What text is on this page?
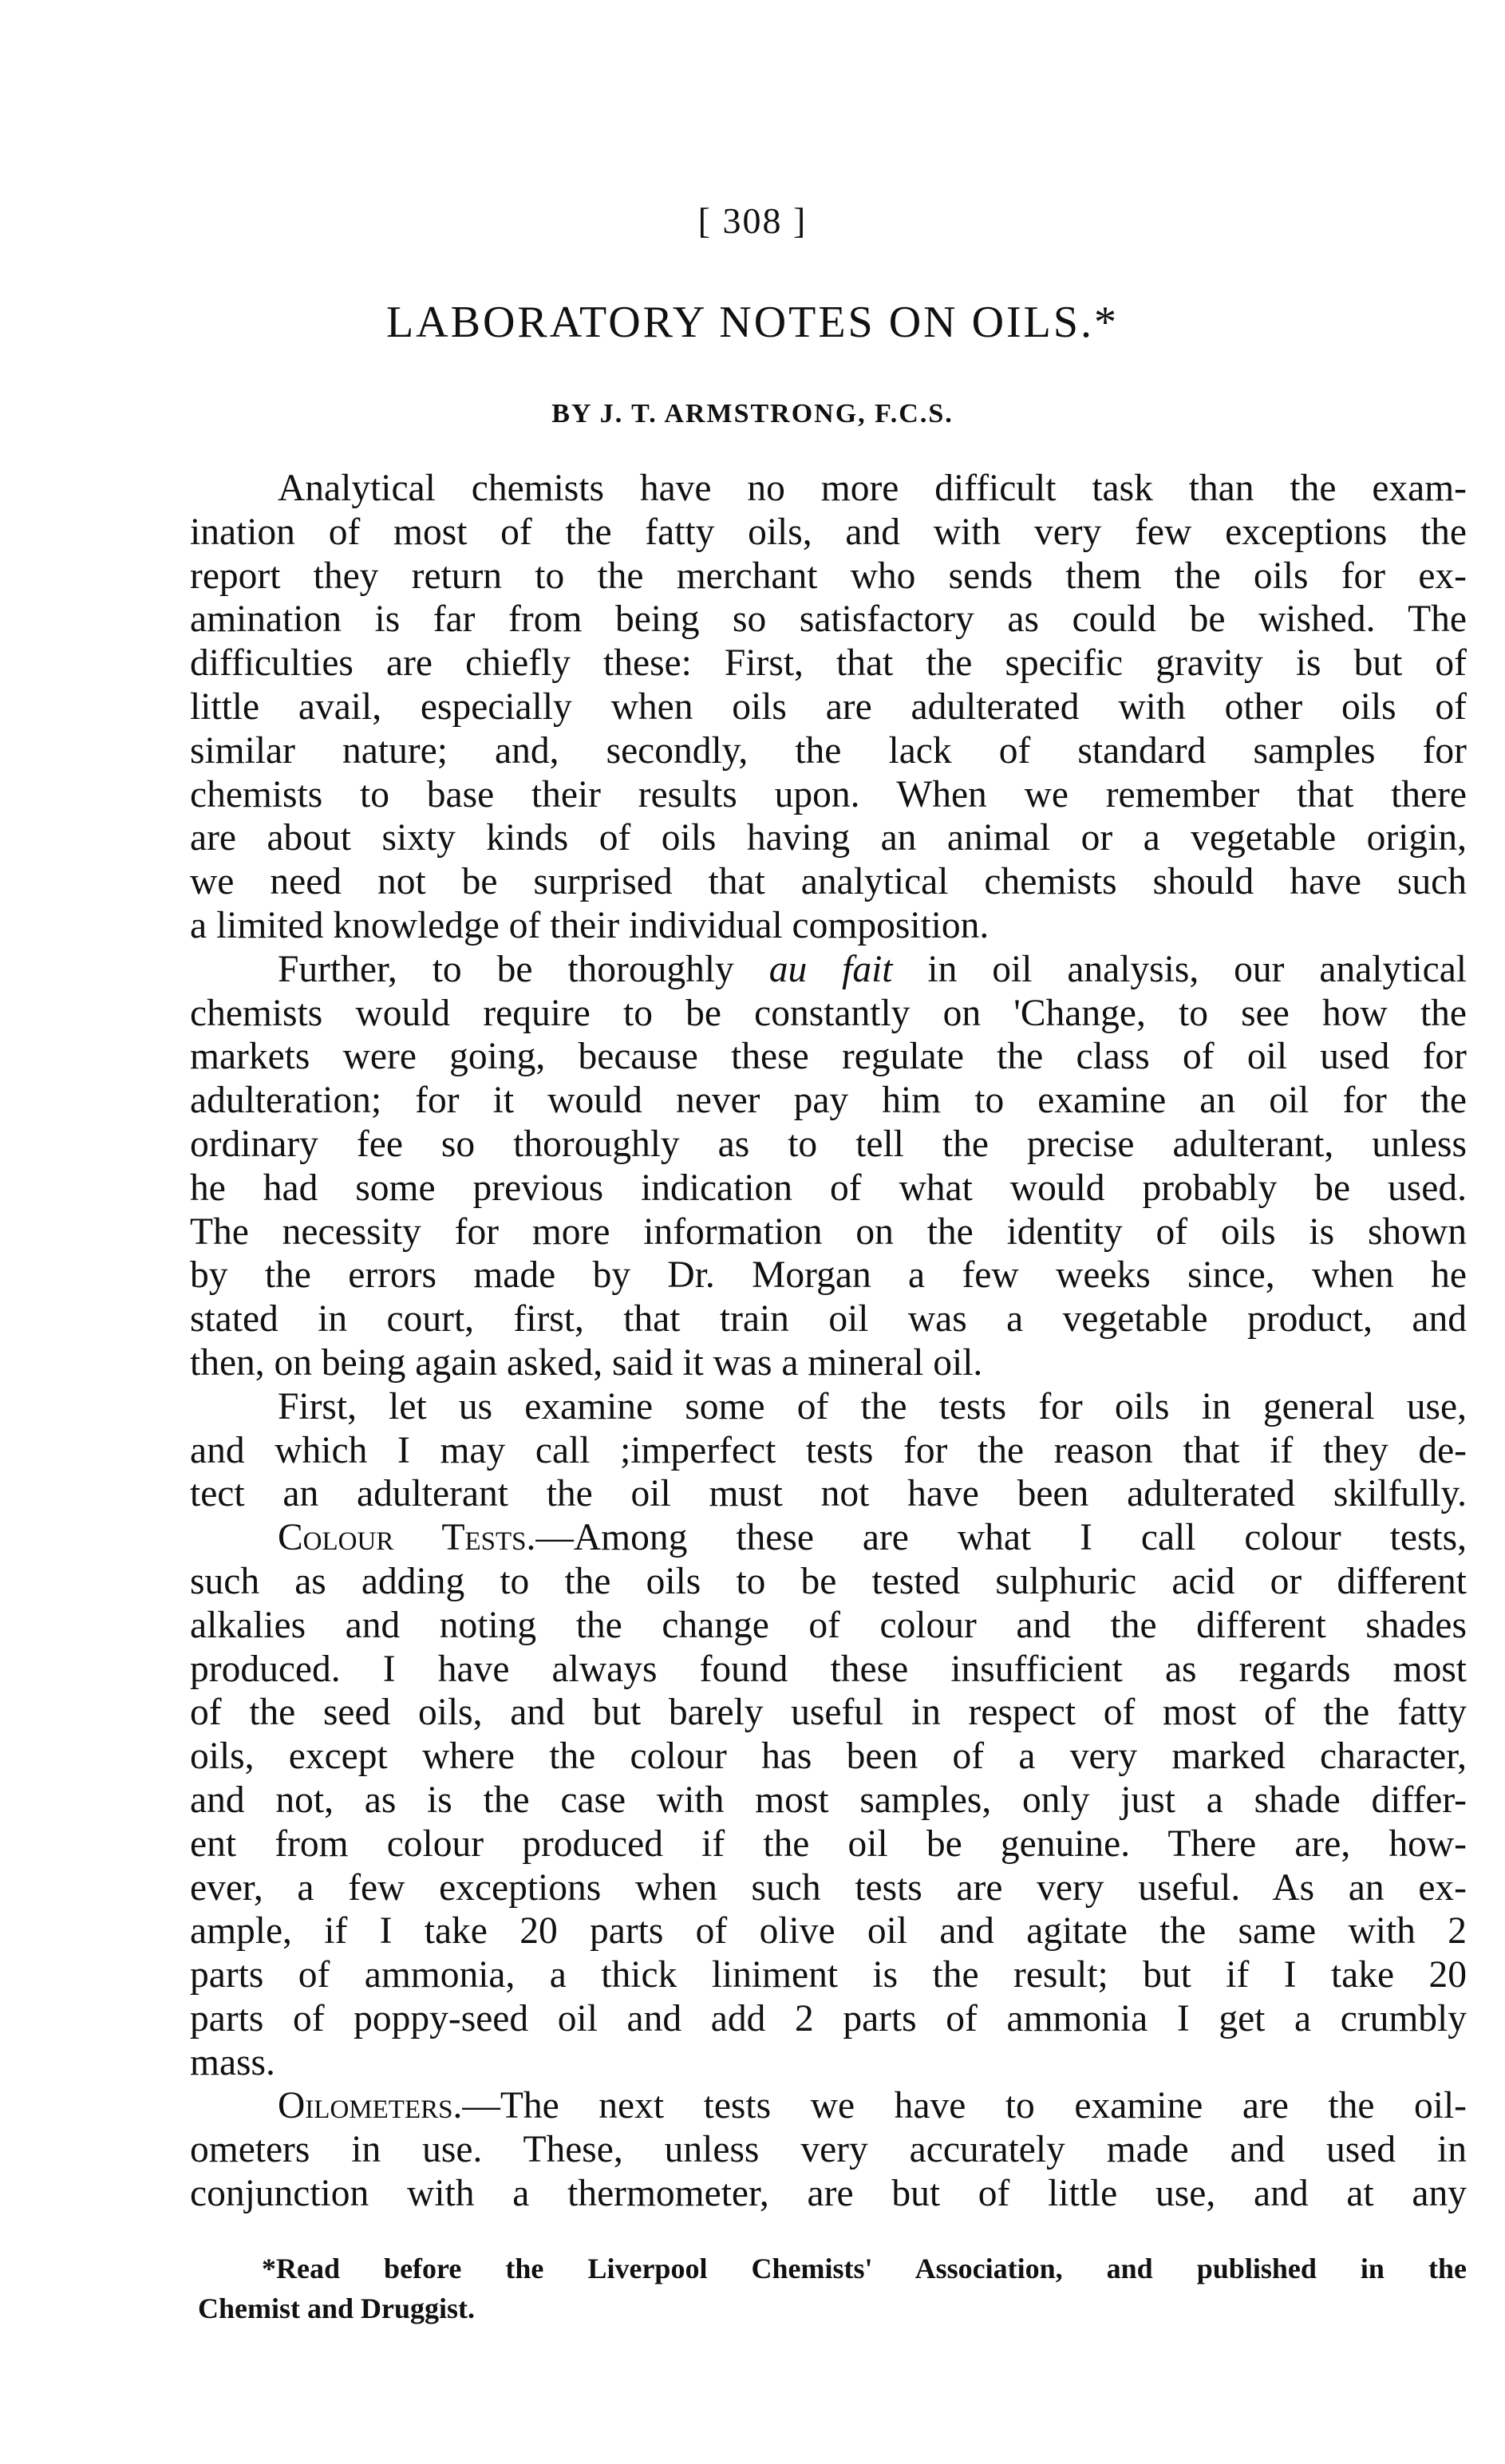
[ 308 ]
LABORATORY NOTES ON OILS.*
BY J. T. ARMSTRONG, F.C.S.
Analytical chemists have no more difficult task than the exam-
ination of most of the fatty oils, and with very few exceptions the
report they return to the merchant who sends them the oils for ex-
amination is far from being so satisfactory as could be wished. The
difficulties are chiefly these: First, that the specific gravity is but of
little avail, especially when oils are adulterated with other oils of
similar nature; and, secondly, the lack of standard samples for
chemists to base their results upon. When we remember that there
are about sixty kinds of oils having an animal or a vegetable origin,
we need not be surprised that analytical chemists should have such
a limited knowledge of their individual composition.
Further, to be thoroughly au fait in oil analysis, our analytical
chemists would require to be constantly on 'Change, to see how the
markets were going, because these regulate the class of oil used for
adulteration; for it would never pay him to examine an oil for the
ordinary fee so thoroughly as to tell the precise adulterant, unless
he had some previous indication of what would probably be used.
The necessity for more information on the identity of oils is shown
by the errors made by Dr. Morgan a few weeks since, when he
stated in court, first, that train oil was a vegetable product, and
then, on being again asked, said it was a mineral oil.
First, let us examine some of the tests for oils in general use,
and which I may call ;imperfect tests for the reason that if they de-
tect an adulterant the oil must not have been adulterated skilfully.
Colour Tests.—Among these are what I call colour tests,
such as adding to the oils to be tested sulphuric acid or different
alkalies and noting the change of colour and the different shades
produced. I have always found these insufficient as regards most
of the seed oils, and but barely useful in respect of most of the fatty
oils, except where the colour has been of a very marked character,
and not, as is the case with most samples, only just a shade differ-
ent from colour produced if the oil be genuine. There are, how-
ever, a few exceptions when such tests are very useful. As an ex-
ample, if I take 20 parts of olive oil and agitate the same with 2
parts of ammonia, a thick liniment is the result; but if I take 20
parts of poppy-seed oil and add 2 parts of ammonia I get a crumbly
mass.
Oilometers.—The next tests we have to examine are the oil-
ometers in use. These, unless very accurately made and used in
conjunction with a thermometer, are but of little use, and at any
*Read before the Liverpool Chemists' Association, and published in the
Chemist and Druggist.
